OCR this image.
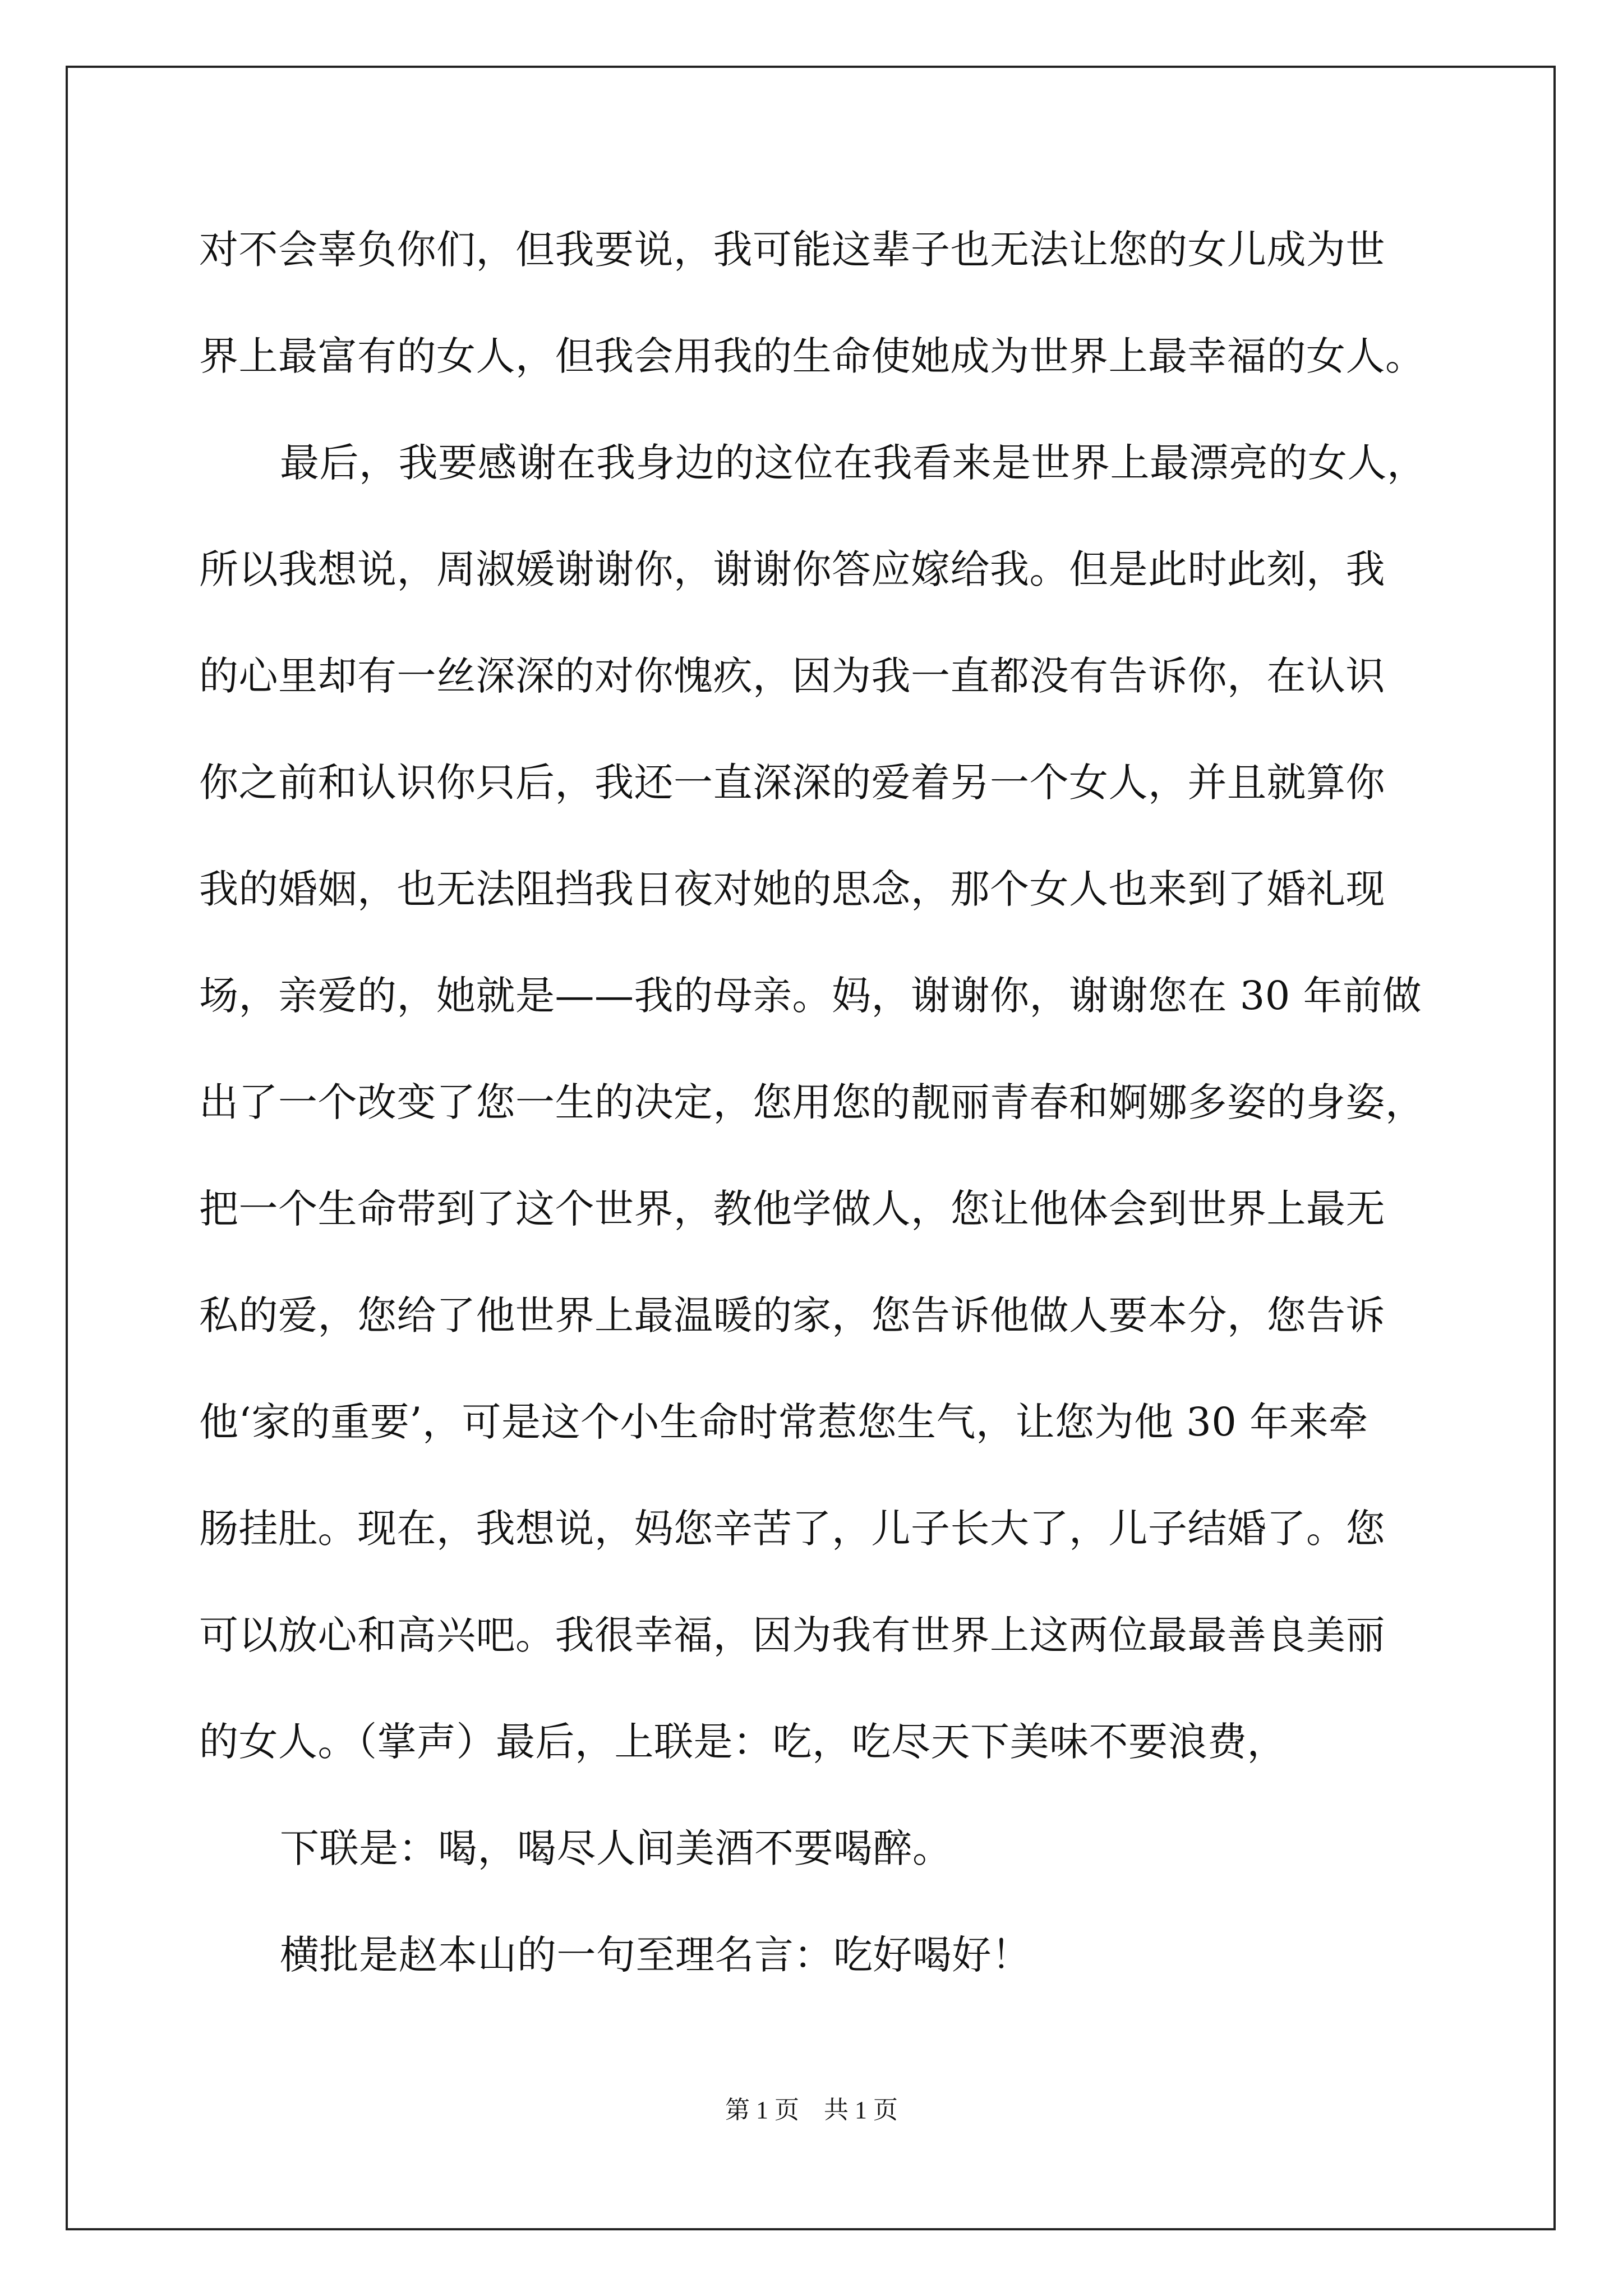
对不会辜负你们，但我要说，我可能这辈子也无法让您的女儿成为世
界上最富有的女人，但我会用我的生命使她成为世界上最幸福的女人。
最后，我要感谢在我身边的这位在我看来是世界上最漂亮的女人，
所以我想说，周淑媛谢谢你，谢谢你答应嫁给我。但是此时此刻，我
的心里却有一丝深深的对你愧疚，因为我一直都没有告诉你，在认识
你之前和认识你只后，我还一直深深的爱着另一个女人，并且就算你
我的婚姻，也无法阻挡我日夜对她的思念，那个女人也来到了婚礼现
场，亲爱的，她就是——我的母亲。妈，谢谢你，谢谢您在 30 年前做
出了一个改变了您一生的决定，您用您的靓丽青春和婀娜多姿的身姿，
把一个生命带到了这个世界，教他学做人，您让他体会到世界上最无
私的爱，您给了他世界上最温暖的家，您告诉他做人要本分，您告诉
他‘家的重要’，可是这个小生命时常惹您生气，让您为他 30 年来牵
肠挂肚。现在，我想说，妈您辛苦了，儿子长大了，儿子结婚了。您
可以放心和高兴吧。我很幸福，因为我有世界上这两位最最善良美丽
的女人。（掌声）最后，上联是：吃，吃尽天下美味不要浪费，
下联是：喝，喝尽人间美酒不要喝醉。
横批是赵本山的一句至理名言：吃好喝好！
第 1 页    共 1 页
